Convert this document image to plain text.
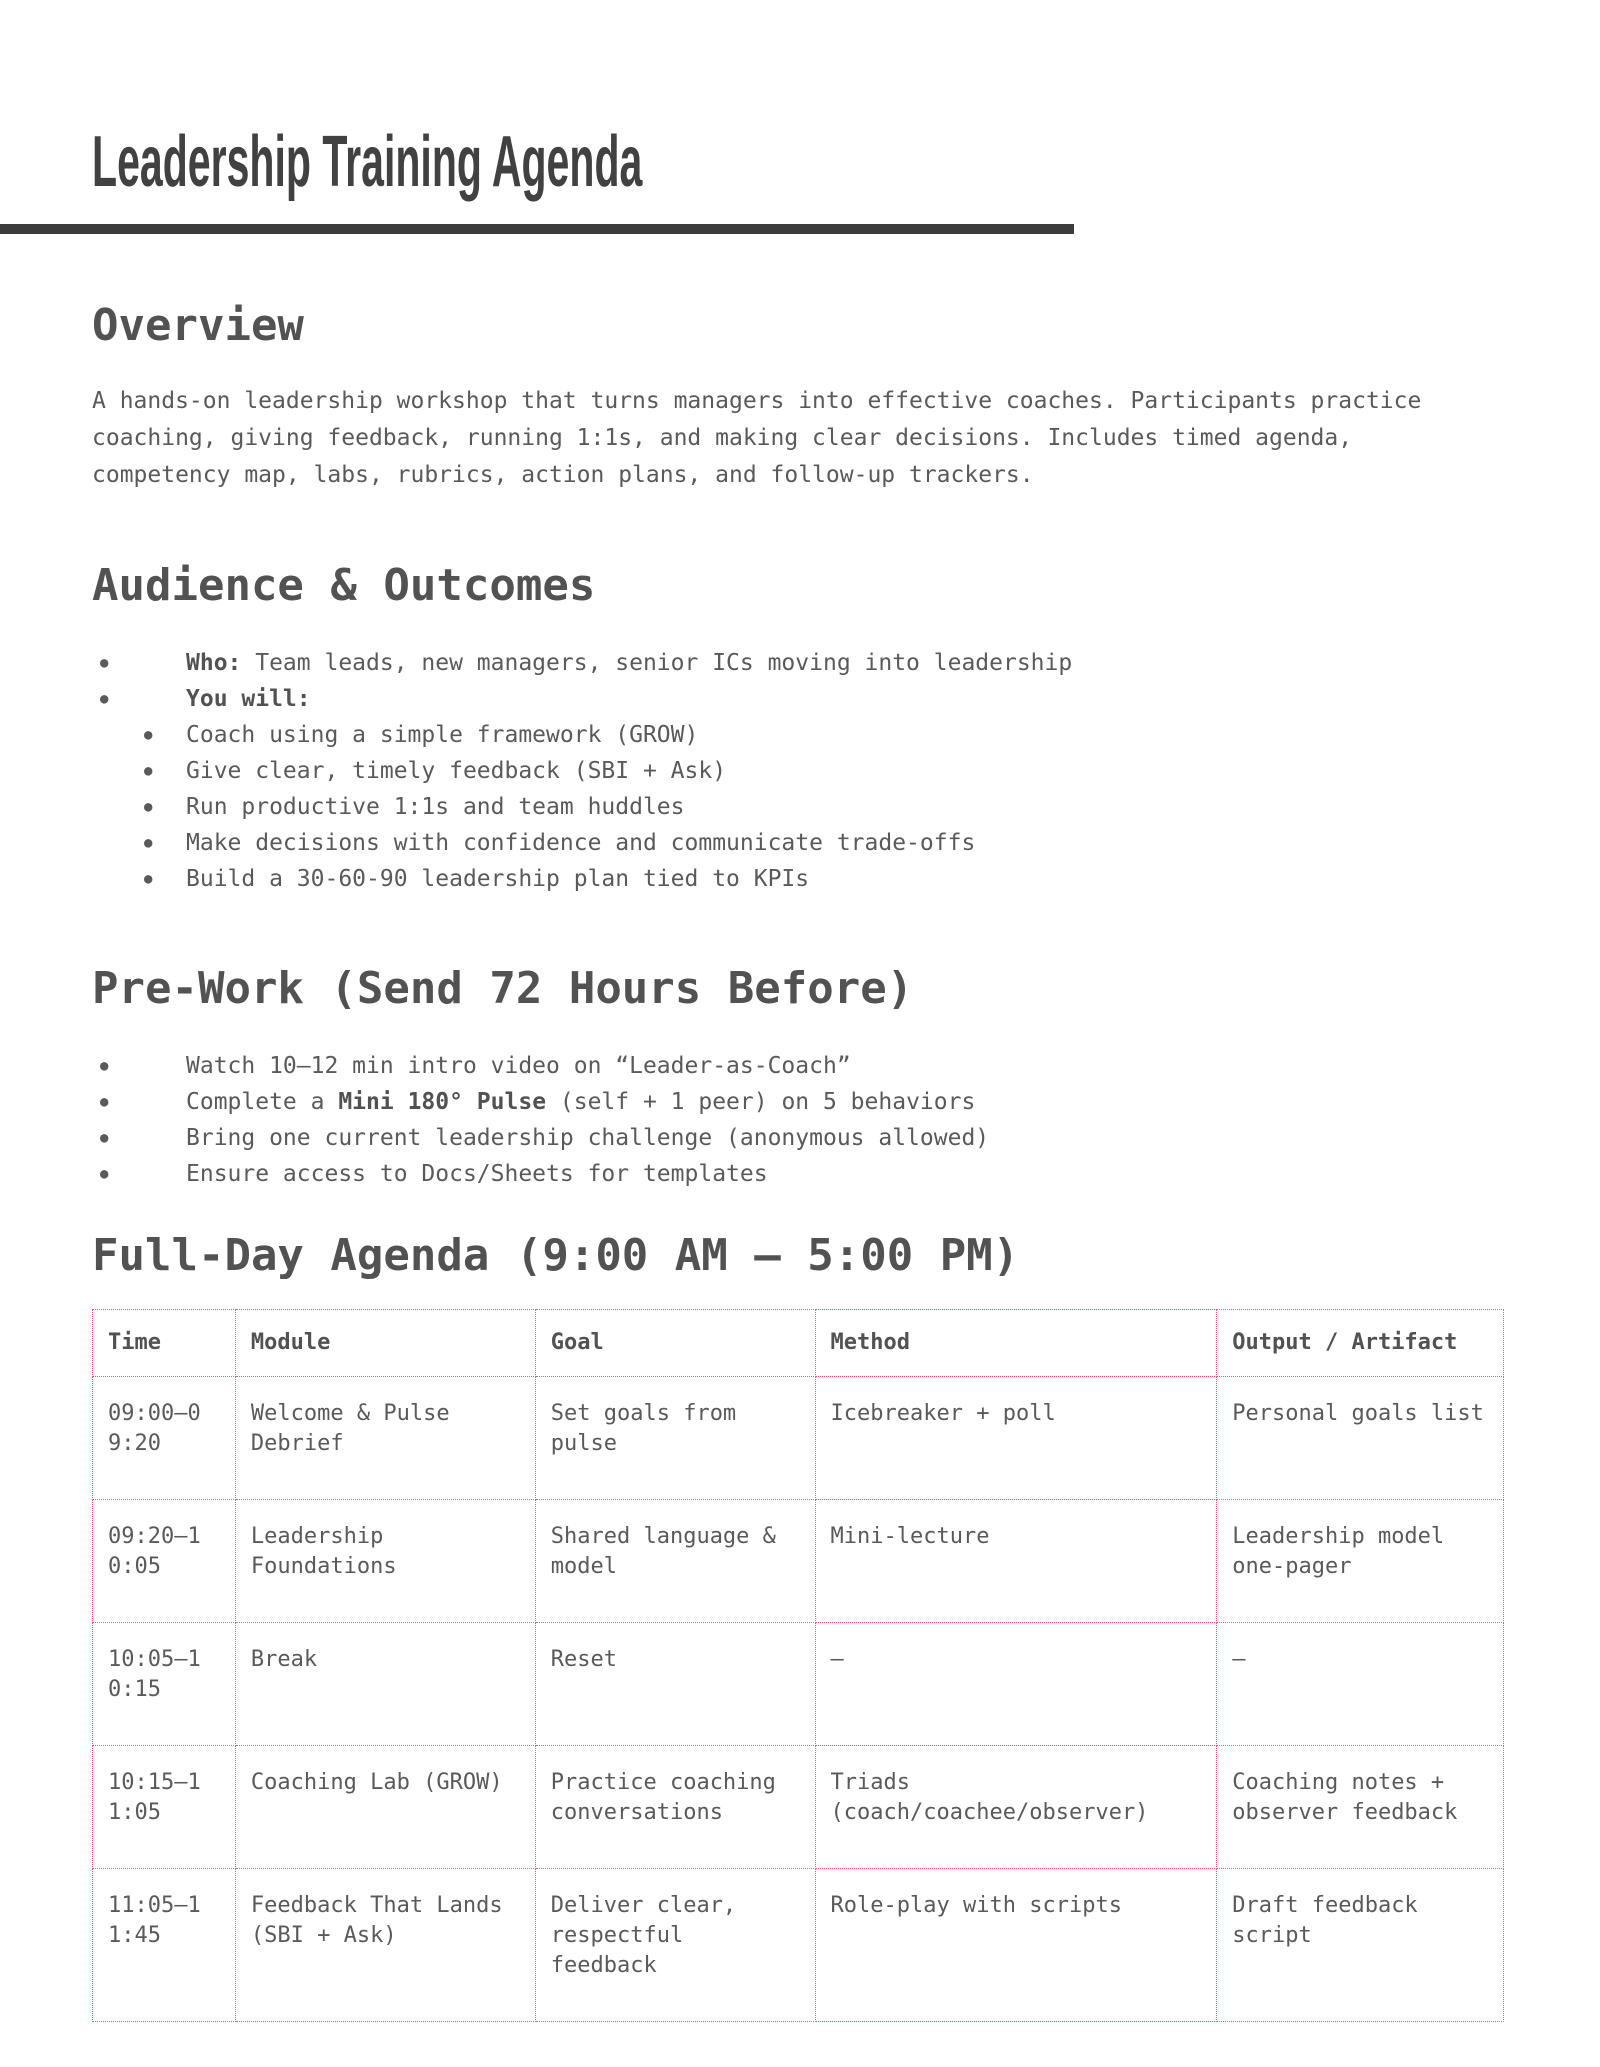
Leadership Training Agenda
Overview

A hands-on leadership workshop that turns managers into effective coaches. Participants practice coaching, giving feedback, running 1:1s, and making clear decisions. Includes timed agenda, competency map, labs, rubrics, action plans, and follow-up trackers.

Audience & Outcomes
● Who: Team leads, new managers, senior ICs moving into leadership
● You will:
● Coach using a simple framework (GROW)
● Give clear, timely feedback (SBI + Ask)
● Run productive 1:1s and team huddles
● Make decisions with confidence and communicate trade-offs
● Build a 30-60-90 leadership plan tied to KPIs
Pre-Work (Send 72 Hours Before)
● Watch 10–12 min intro video on “Leader-as-Coach”
● Complete a Mini 180° Pulse (self + 1 peer) on 5 behaviors
● Bring one current leadership challenge (anonymous allowed)
● Ensure access to Docs/Sheets for templates
Full-Day Agenda (9:00 AM – 5:00 PM)
Time	Module	Goal	Method	Output / Artifact
09:00–09:20	Welcome & Pulse Debrief	Set goals from pulse	Icebreaker + poll	Personal goals list
09:20–10:05	Leadership Foundations	Shared language & model	Mini-lecture	Leadership model one-pager
10:05–10:15	Break	Reset	–	–
10:15–11:05	Coaching Lab (GROW)	Practice coaching conversations	Triads (coach/coachee/observer)	Coaching notes + observer feedback
11:05–11:45	Feedback That Lands (SBI + Ask)	Deliver clear, respectful feedback	Role-play with scripts	Draft feedback script
